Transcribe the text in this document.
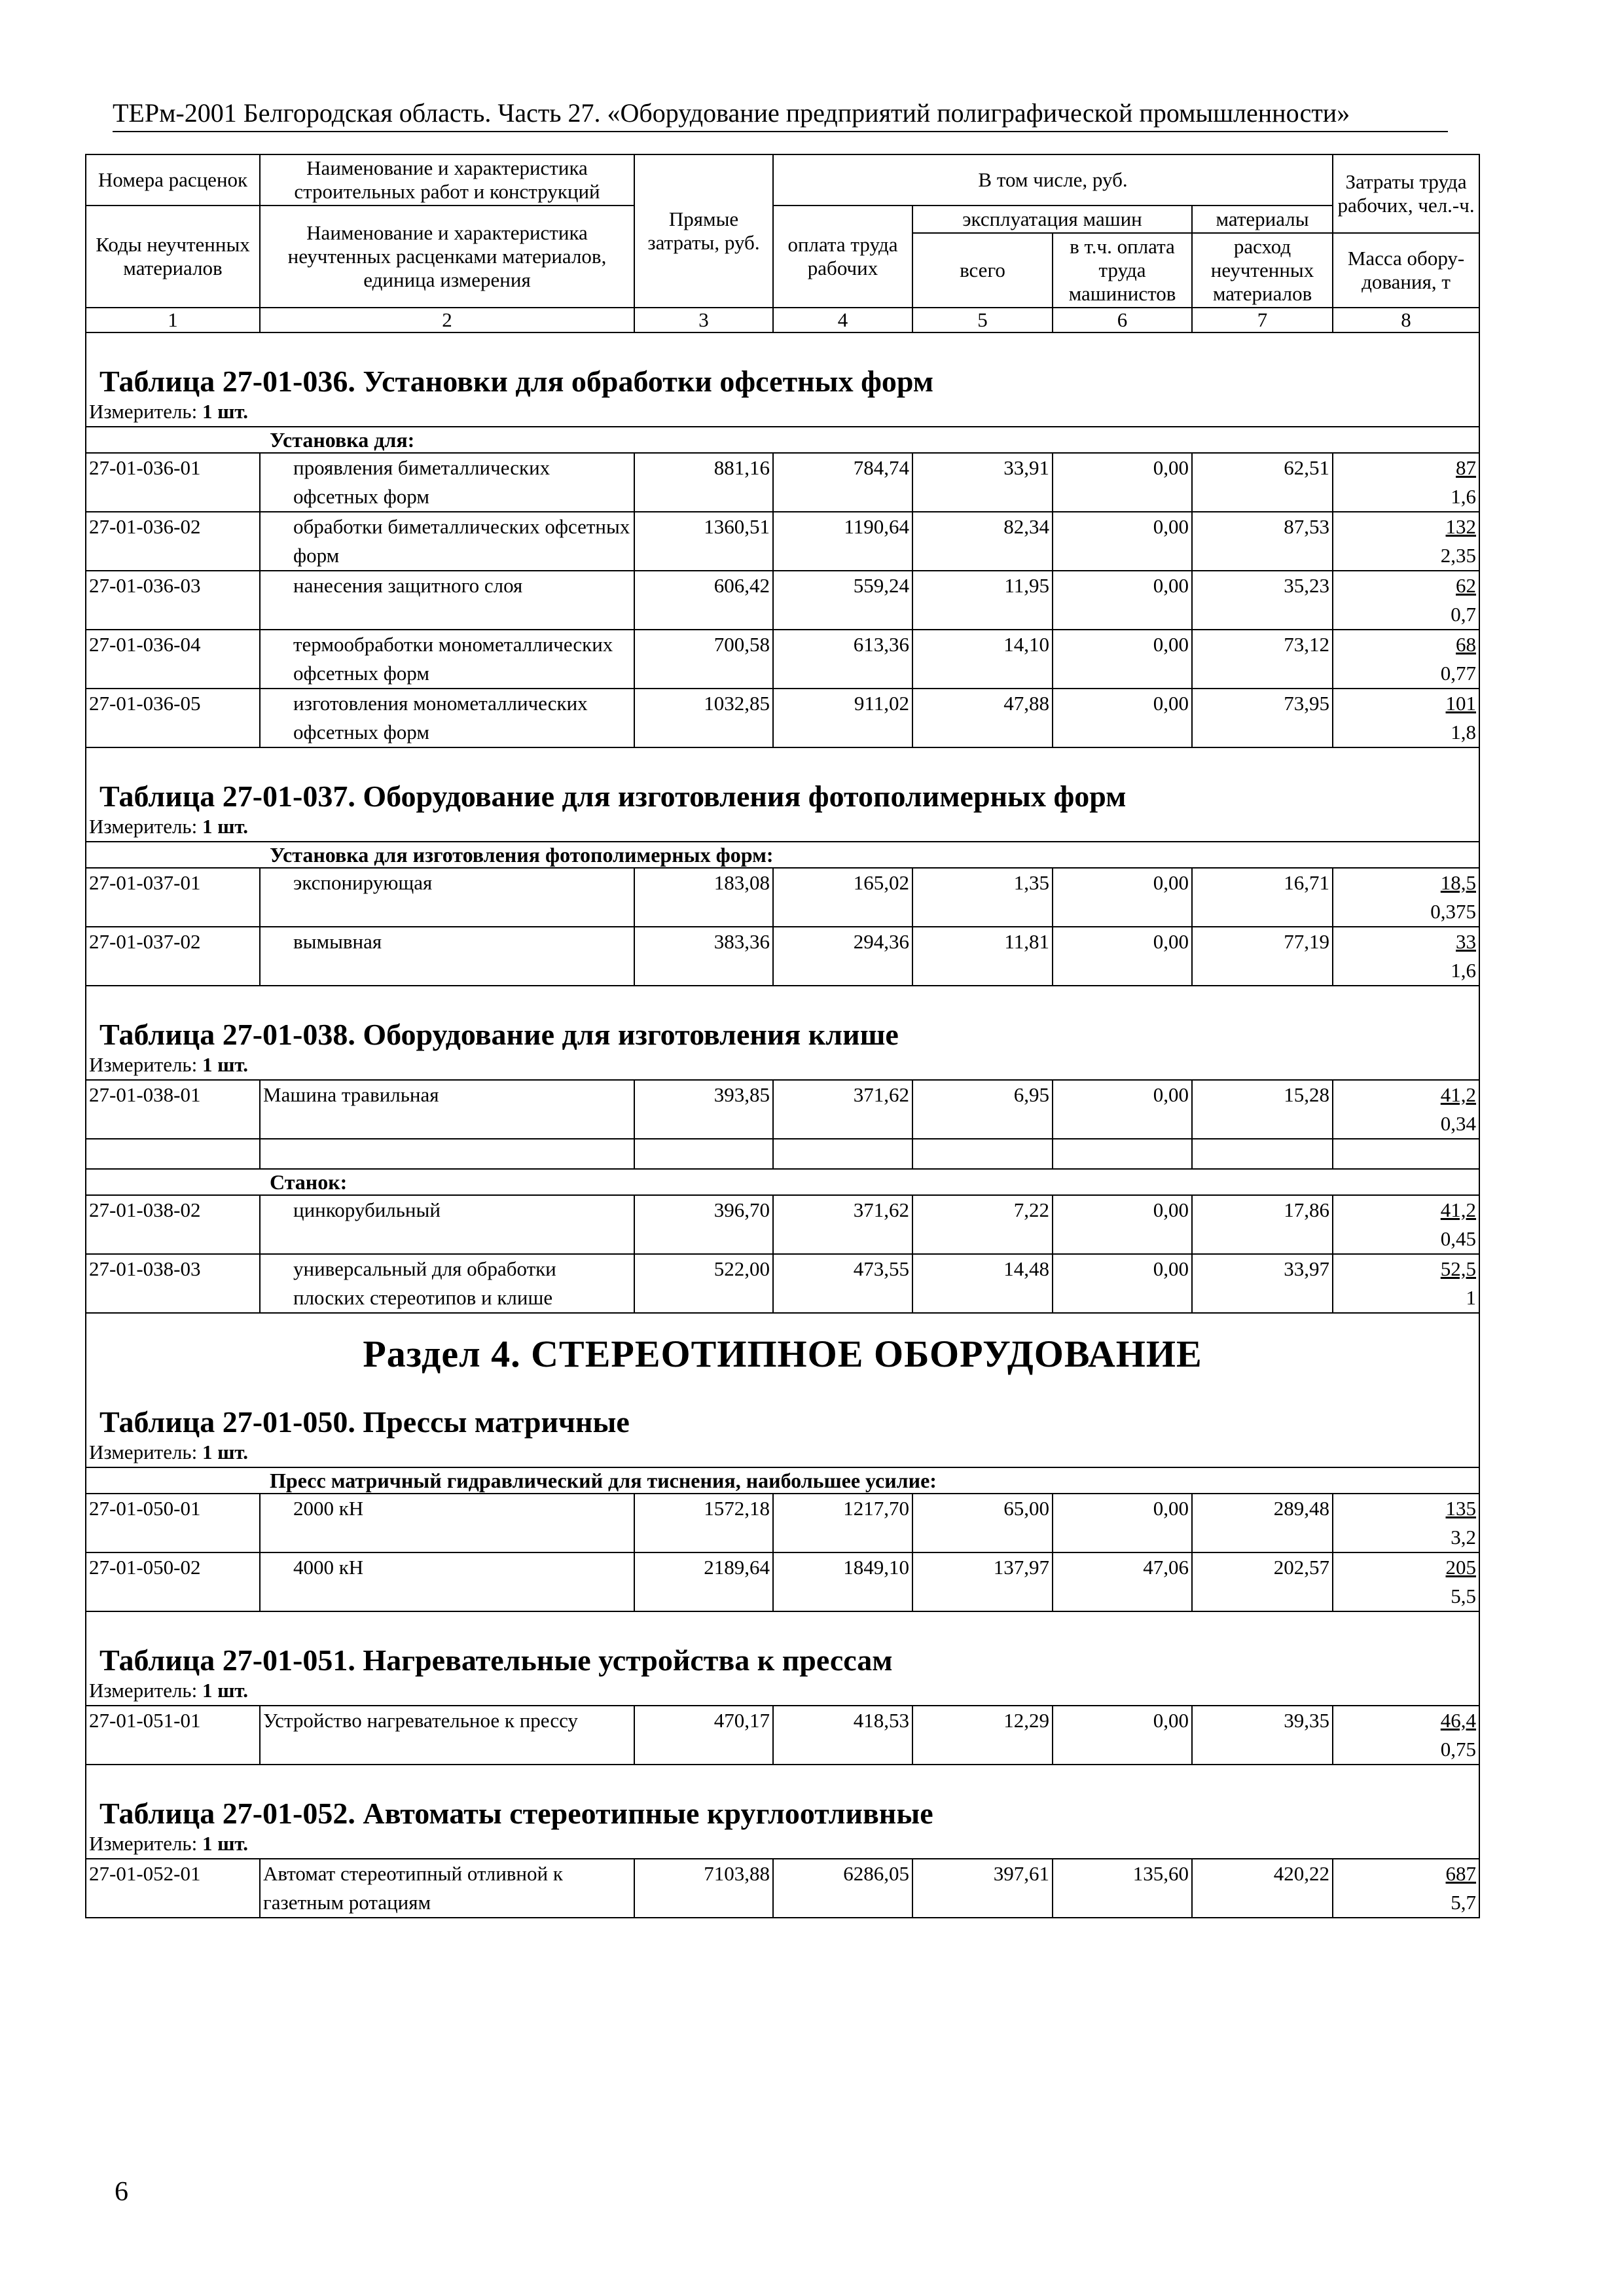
ТЕРм-2001 Белгородская область. Часть 27. «Оборудование предприятий полиграфической промышленности»
Номера расценок	Наименование и характеристика строительных работ и конструкций	Прямые затраты, руб.	В том числе, руб.				Затраты труда рабочих, чел.-ч.
Коды неучтенных материалов	Наименование и характеристика неучтенных расценками материалов, единица измерения		оплата труда рабочих	эксплуатация машин		материалы	
				всего	в т.ч. оплата труда машинистов	расход неучтенных материалов	Масса обору-дования, т
1	2	3	4	5	6	7	8
Таблица 27-01-036. Установки для обработки офсетных форм							

Измеритель: 1 шт.							

Установка для:							
27-01-036-01	проявления биметаллических офсетных форм	881,16	784,74	33,91	0,00	62,51	87
1,6

27-01-036-02	обработки биметаллических офсетных форм	1360,51	1190,64	82,34	0,00	87,53	132
2,35

27-01-036-03	нанесения защитного слоя	606,42	559,24	11,95	0,00	35,23	62
0,7

27-01-036-04	термообработки монометаллических офсетных форм	700,58	613,36	14,10	0,00	73,12	68
0,77

27-01-036-05	изготовления монометаллических офсетных форм	1032,85	911,02	47,88	0,00	73,95	101
1,8

Таблица 27-01-037. Оборудование для изготовления фотополимерных форм							

Измеритель: 1 шт.							

Установка для изготовления фотополимерных форм:							
27-01-037-01	экспонирующая	183,08	165,02	1,35	0,00	16,71	18,5
0,375

27-01-037-02	вымывная	383,36	294,36	11,81	0,00	77,19	33
1,6

Таблица 27-01-038. Оборудование для изготовления клише							

Измеритель: 1 шт.							

27-01-038-01	Машина травильная	393,85	371,62	6,95	0,00	15,28	41,2
0,34

Станок:							
27-01-038-02	цинкорубильный	396,70	371,62	7,22	0,00	17,86	41,2
0,45

27-01-038-03	универсальный для обработки плоских стереотипов и клише	522,00	473,55	14,48	0,00	33,97	52,5
1

Раздел 4. СТЕРЕОТИПНОЕ ОБОРУДОВАНИЕ							
Таблица 27-01-050. Прессы матричные							

Измеритель: 1 шт.							

Пресс матричный гидравлический для тиснения, наибольшее усилие:							
27-01-050-01	2000 кН	1572,18	1217,70	65,00	0,00	289,48	135
3,2

27-01-050-02	4000 кН	2189,64	1849,10	137,97	47,06	202,57	205
5,5

Таблица 27-01-051. Нагревательные устройства к прессам							

Измеритель: 1 шт.							

27-01-051-01	Устройство нагревательное к прессу	470,17	418,53	12,29	0,00	39,35	46,4
0,75

Таблица 27-01-052. Автоматы стереотипные круглоотливные							

Измеритель: 1 шт.							

27-01-052-01	Автомат стереотипный отливной к газетным ротациям	7103,88	6286,05	397,61	135,60	420,22	687
5,7
6
